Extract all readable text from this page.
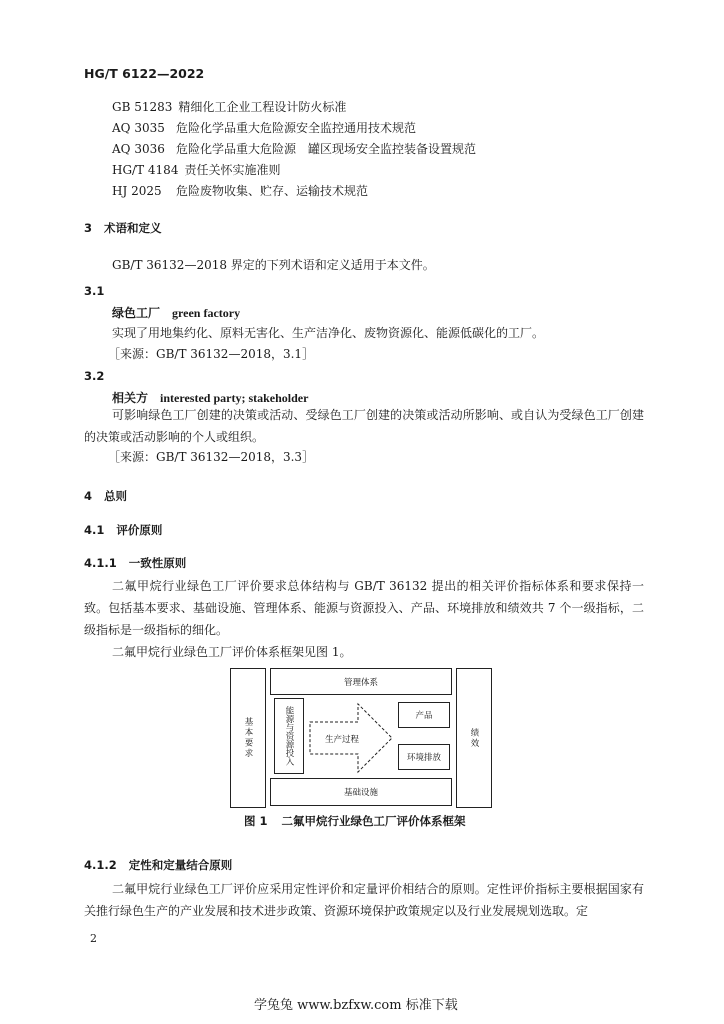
HG/T 6122—2022
GB 51283 精细化工企业工程设计防火标准
AQ 3035 危险化学品重大危险源安全监控通用技术规范
AQ 3036 危险化学品重大危险源　罐区现场安全监控装备设置规范
HG/T 4184 责任关怀实施准则
HJ 2025 危险废物收集、贮存、运输技术规范
3 术语和定义
GB/T 36132—2018 界定的下列术语和定义适用于本文件。
3.1
绿色工厂 green factory
实现了用地集约化、原料无害化、生产洁净化、废物资源化、能源低碳化的工厂。
［来源：GB/T 36132—2018，3.1］
3.2
相关方 interested party; stakeholder
可影响绿色工厂创建的决策或活动、受绿色工厂创建的决策或活动所影响、或自认为受绿色工厂创建的决策或活动影响的个人或组织。
［来源：GB/T 36132—2018，3.3］
4 总则
4.1 评价原则
4.1.1 一致性原则
二氟甲烷行业绿色工厂评价要求总体结构与 GB/T 36132 提出的相关评价指标体系和要求保持一致。包括基本要求、基础设施、管理体系、能源与资源投入、产品、环境排放和绩效共 7 个一级指标，二级指标是一级指标的细化。
二氟甲烷行业绿色工厂评价体系框架见图 1。
基本要求
管理体系
能源与资源投入	生产过程
产品
环境排放
基础设施
绩效
图 1 二氟甲烷行业绿色工厂评价体系框架
4.1.2 定性和定量结合原则
二氟甲烷行业绿色工厂评价应采用定性评价和定量评价相结合的原则。定性评价指标主要根据国家有关推行绿色生产的产业发展和技术进步政策、资源环境保护政策规定以及行业发展规划选取。定
2
学兔兔 www.bzfxw.com 标准下载
